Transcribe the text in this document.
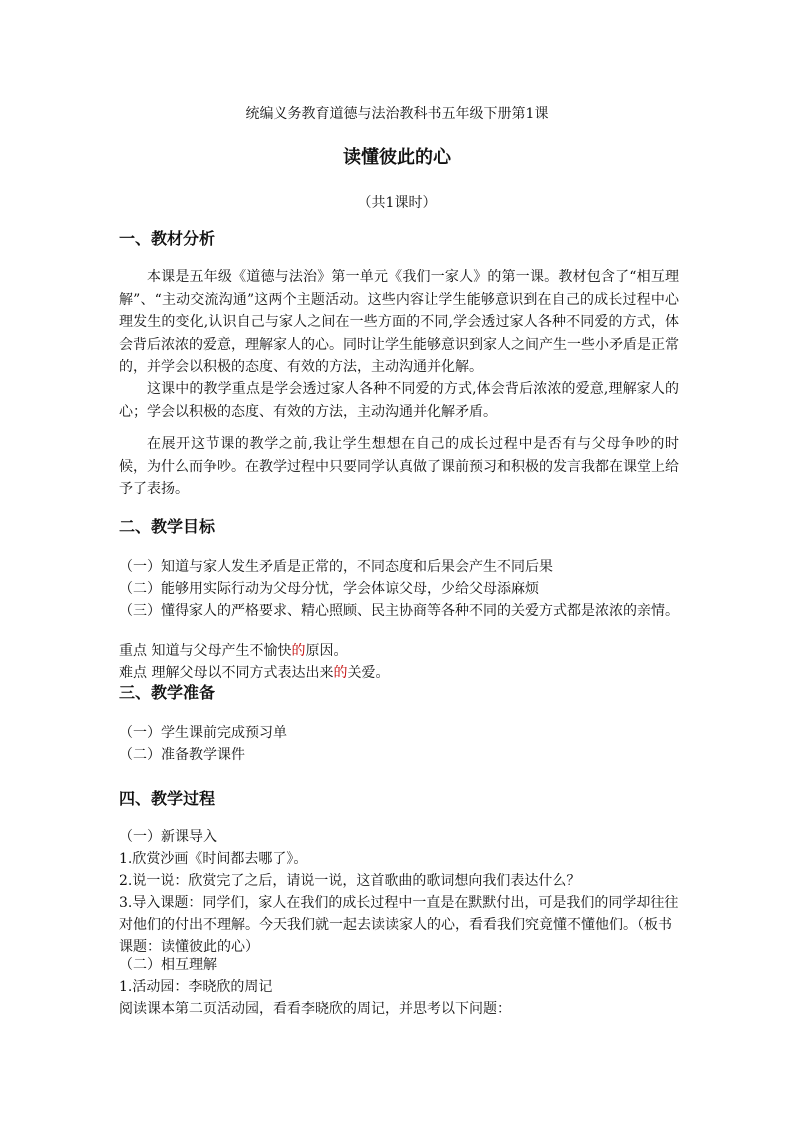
统编义务教育道德与法治教科书五年级下册第1课
读懂彼此的心
（共1课时）
一、教材分析

本课是五年级《道德与法治》第一单元《我们一家人》的第一课。教材包含了“相互理解”、“主动交流沟通”这两个主题活动。这些内容让学生能够意识到在自己的成长过程中心理发生的变化,认识自己与家人之间在一些方面的不同,学会透过家人各种不同爱的方式，体会背后浓浓的爱意，理解家人的心。同时让学生能够意识到家人之间产生一些小矛盾是正常的，并学会以积极的态度、有效的方法，主动沟通并化解。

这课中的教学重点是学会透过家人各种不同爱的方式,体会背后浓浓的爱意,理解家人的心；学会以积极的态度、有效的方法，主动沟通并化解矛盾。

在展开这节课的教学之前,我让学生想想在自己的成长过程中是否有与父母争吵的时候，为什么而争吵。在教学过程中只要同学认真做了课前预习和积极的发言我都在课堂上给予了表扬。

二、教学目标

（一）知道与家人发生矛盾是正常的，不同态度和后果会产生不同后果

（二）能够用实际行动为父母分忧，学会体谅父母，少给父母添麻烦

（三）懂得家人的严格要求、精心照顾、民主协商等各种不同的关爱方式都是浓浓的亲情。

重点 知道与父母产生不愉快的原因。

难点 理解父母以不同方式表达出来的关爱。

三、教学准备

（一）学生课前完成预习单

（二）准备教学课件

四、教学过程

（一）新课导入

1.欣赏沙画《时间都去哪了》。

2.说一说：欣赏完了之后，请说一说，这首歌曲的歌词想向我们表达什么？

3.导入课题：同学们，家人在我们的成长过程中一直是在默默付出，可是我们的同学却往往对他们的付出不理解。今天我们就一起去读读家人的心，看看我们究竟懂不懂他们。（板书课题：读懂彼此的心）

（二）相互理解

1.活动园：李晓欣的周记

阅读课本第二页活动园，看看李晓欣的周记，并思考以下问题：
